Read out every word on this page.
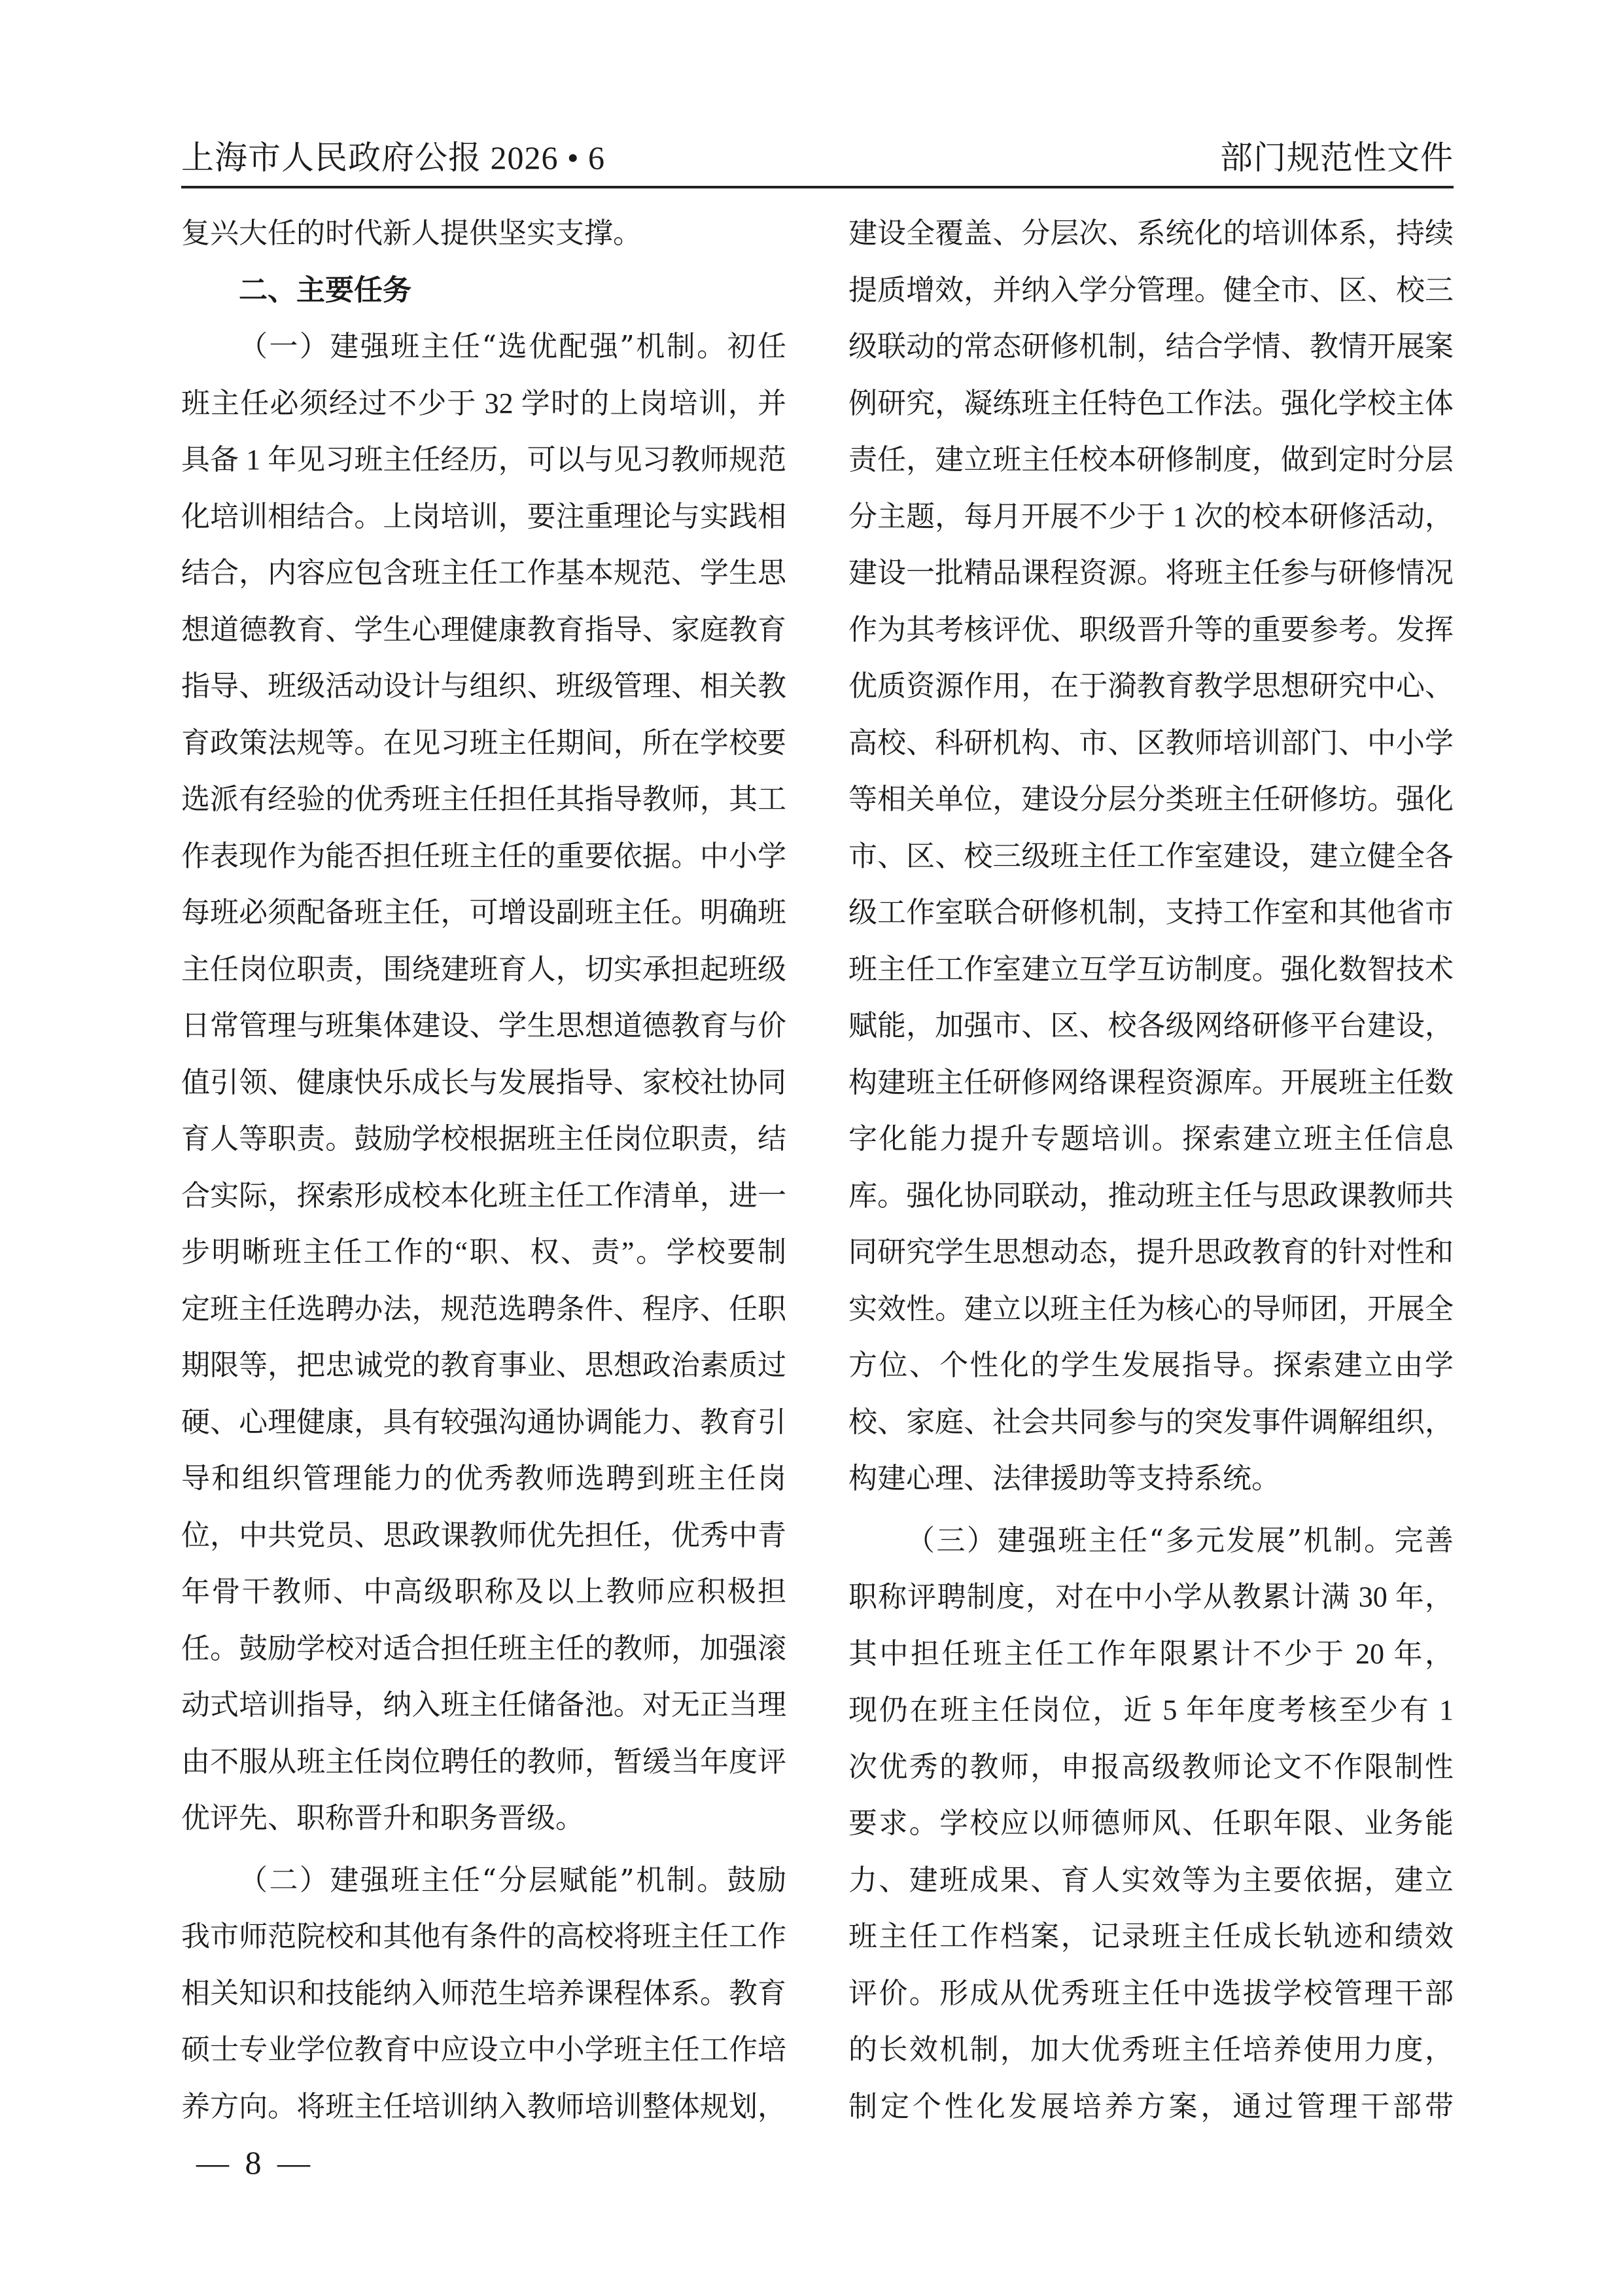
上海市人民政府公报 2026 • 6	部门规范性文件
复兴大任的时代新人提供坚实支撑。
二、主要任务
（一）建强班主任“选优配强”机制。初任
班主任必须经过不少于 32 学时的上岗培训，并
具备 1 年见习班主任经历，可以与见习教师规范
化培训相结合。上岗培训，要注重理论与实践相
结合，内容应包含班主任工作基本规范、学生思
想道德教育、学生心理健康教育指导、家庭教育
指导、班级活动设计与组织、班级管理、相关教
育政策法规等。在见习班主任期间，所在学校要
选派有经验的优秀班主任担任其指导教师，其工
作表现作为能否担任班主任的重要依据。中小学
每班必须配备班主任，可增设副班主任。明确班
主任岗位职责，围绕建班育人，切实承担起班级
日常管理与班集体建设、学生思想道德教育与价
值引领、健康快乐成长与发展指导、家校社协同
育人等职责。鼓励学校根据班主任岗位职责，结
合实际，探索形成校本化班主任工作清单，进一
步明晰班主任工作的“职、权、责”。学校要制
定班主任选聘办法，规范选聘条件、程序、任职
期限等，把忠诚党的教育事业、思想政治素质过
硬、心理健康，具有较强沟通协调能力、教育引
导和组织管理能力的优秀教师选聘到班主任岗
位，中共党员、思政课教师优先担任，优秀中青
年骨干教师、中高级职称及以上教师应积极担
任。鼓励学校对适合担任班主任的教师，加强滚
动式培训指导，纳入班主任储备池。对无正当理
由不服从班主任岗位聘任的教师，暂缓当年度评
优评先、职称晋升和职务晋级。
（二）建强班主任“分层赋能”机制。鼓励
我市师范院校和其他有条件的高校将班主任工作
相关知识和技能纳入师范生培养课程体系。教育
硕士专业学位教育中应设立中小学班主任工作培
养方向。将班主任培训纳入教师培训整体规划，
建设全覆盖、分层次、系统化的培训体系，持续
提质增效，并纳入学分管理。健全市、区、校三
级联动的常态研修机制，结合学情、教情开展案
例研究，凝练班主任特色工作法。强化学校主体
责任，建立班主任校本研修制度，做到定时分层
分主题，每月开展不少于 1 次的校本研修活动，
建设一批精品课程资源。将班主任参与研修情况
作为其考核评优、职级晋升等的重要参考。发挥
优质资源作用，在于漪教育教学思想研究中心、
高校、科研机构、市、区教师培训部门、中小学
等相关单位，建设分层分类班主任研修坊。强化
市、区、校三级班主任工作室建设，建立健全各
级工作室联合研修机制，支持工作室和其他省市
班主任工作室建立互学互访制度。强化数智技术
赋能，加强市、区、校各级网络研修平台建设，
构建班主任研修网络课程资源库。开展班主任数
字化能力提升专题培训。探索建立班主任信息
库。强化协同联动，推动班主任与思政课教师共
同研究学生思想动态，提升思政教育的针对性和
实效性。建立以班主任为核心的导师团，开展全
方位、个性化的学生发展指导。探索建立由学
校、家庭、社会共同参与的突发事件调解组织，
构建心理、法律援助等支持系统。
（三）建强班主任“多元发展”机制。完善
职称评聘制度，对在中小学从教累计满 30 年，
其中担任班主任工作年限累计不少于 20 年，
现仍在班主任岗位，近 5 年年度考核至少有 1
次优秀的教师，申报高级教师论文不作限制性
要求。学校应以师德师风、任职年限、业务能
力、建班成果、育人实效等为主要依据，建立
班主任工作档案，记录班主任成长轨迹和绩效
评价。形成从优秀班主任中选拔学校管理干部
的长效机制，加大优秀班主任培养使用力度，
制定个性化发展培养方案，通过管理干部带
— 8 —
